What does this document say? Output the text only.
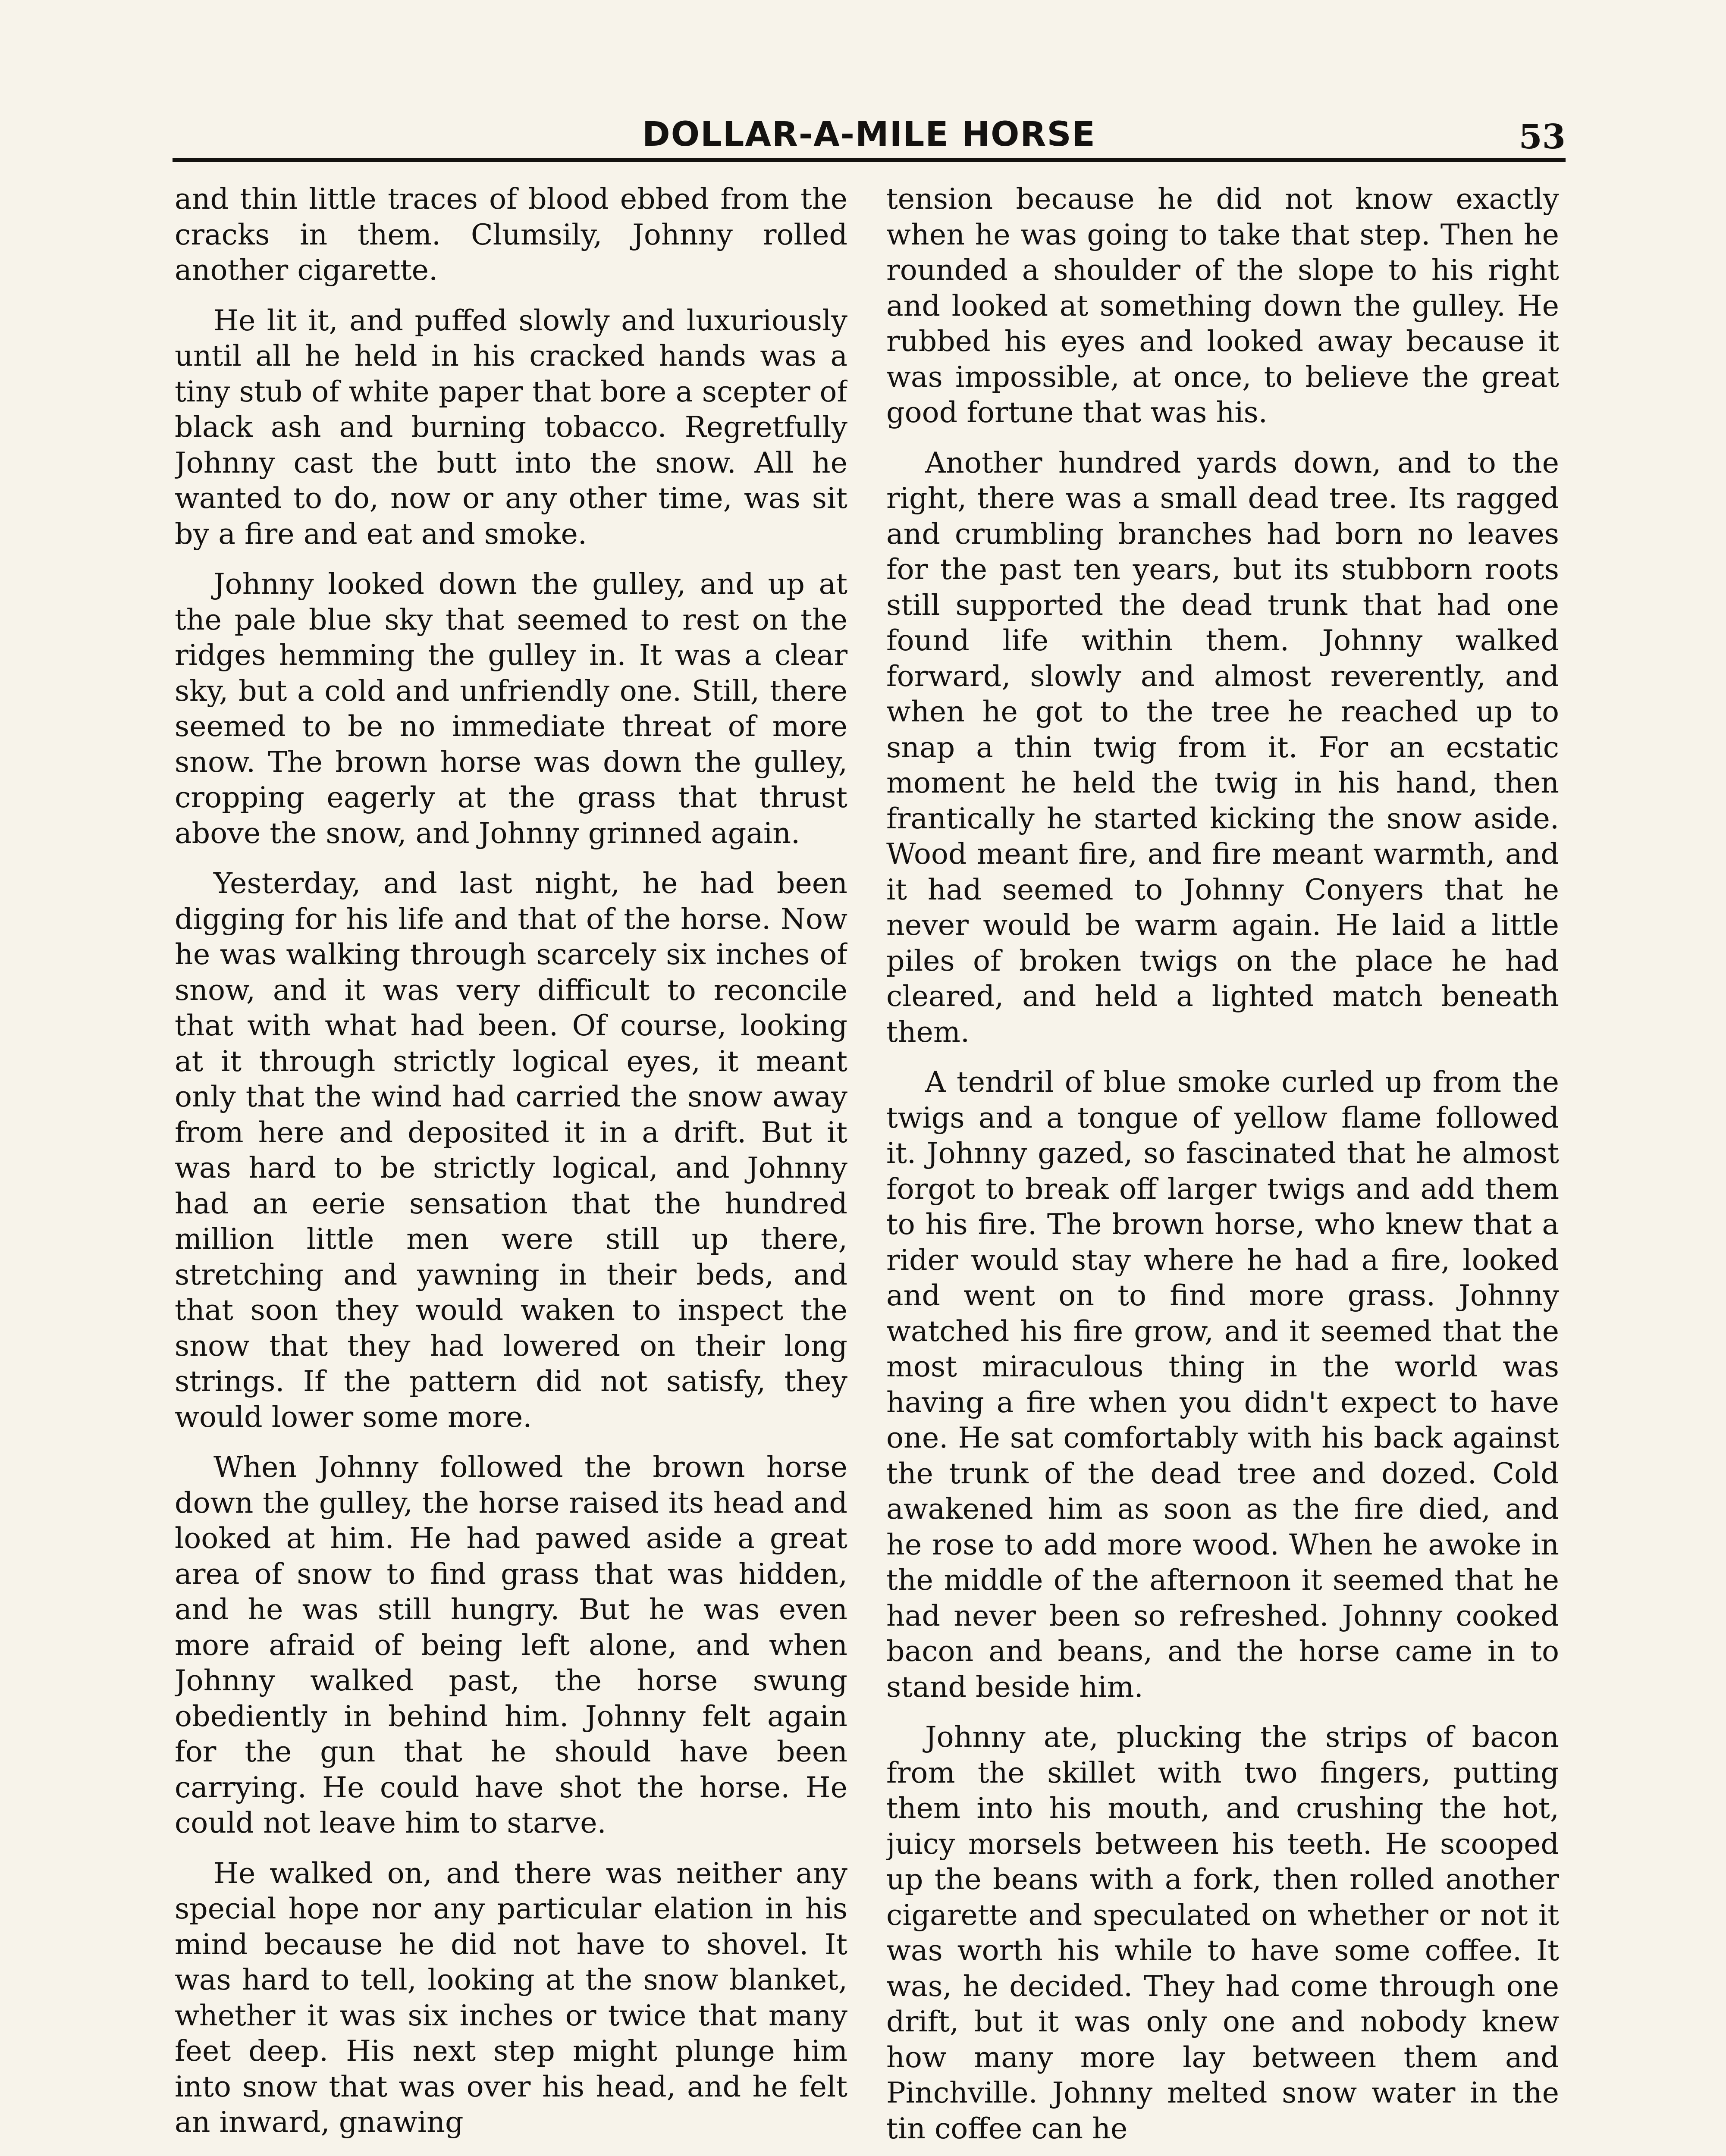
DOLLAR-A-MILE HORSE	53

and thin little traces of blood ebbed from the cracks in them. Clumsily, Johnny rolled another cigarette.

He lit it, and puffed slowly and luxuriously until all he held in his cracked hands was a tiny stub of white paper that bore a scepter of black ash and burning tobacco. Regretfully Johnny cast the butt into the snow. All he wanted to do, now or any other time, was sit by a fire and eat and smoke.

Johnny looked down the gulley, and up at the pale blue sky that seemed to rest on the ridges hemming the gulley in. It was a clear sky, but a cold and unfriendly one. Still, there seemed to be no immediate threat of more snow. The brown horse was down the gulley, cropping eagerly at the grass that thrust above the snow, and Johnny grinned again.

Yesterday, and last night, he had been digging for his life and that of the horse. Now he was walking through scarcely six inches of snow, and it was very difficult to reconcile that with what had been. Of course, looking at it through strictly logical eyes, it meant only that the wind had carried the snow away from here and deposited it in a drift. But it was hard to be strictly logical, and Johnny had an eerie sensation that the hundred million little men were still up there, stretching and yawning in their beds, and that soon they would waken to inspect the snow that they had lowered on their long strings. If the pattern did not satisfy, they would lower some more.

When Johnny followed the brown horse down the gulley, the horse raised its head and looked at him. He had pawed aside a great area of snow to find grass that was hidden, and he was still hungry. But he was even more afraid of being left alone, and when Johnny walked past, the horse swung obediently in behind him. Johnny felt again for the gun that he should have been carrying. He could have shot the horse. He could not leave him to starve.

He walked on, and there was neither any special hope nor any particular elation in his mind because he did not have to shovel. It was hard to tell, looking at the snow blanket, whether it was six inches or twice that many feet deep. His next step might plunge him into snow that was over his head, and he felt an inward, gnawing

tension because he did not know exactly when he was going to take that step. Then he rounded a shoulder of the slope to his right and looked at something down the gulley. He rubbed his eyes and looked away because it was impossible, at once, to believe the great good fortune that was his.

Another hundred yards down, and to the right, there was a small dead tree. Its ragged and crumbling branches had born no leaves for the past ten years, but its stubborn roots still supported the dead trunk that had one found life within them. Johnny walked forward, slowly and almost reverently, and when he got to the tree he reached up to snap a thin twig from it. For an ecstatic moment he held the twig in his hand, then frantically he started kicking the snow aside. Wood meant fire, and fire meant warmth, and it had seemed to Johnny Conyers that he never would be warm again. He laid a little piles of broken twigs on the place he had cleared, and held a lighted match beneath them.

A tendril of blue smoke curled up from the twigs and a tongue of yellow flame followed it. Johnny gazed, so fascinated that he almost forgot to break off larger twigs and add them to his fire. The brown horse, who knew that a rider would stay where he had a fire, looked and went on to find more grass. Johnny watched his fire grow, and it seemed that the most miraculous thing in the world was having a fire when you didn't expect to have one. He sat comfortably with his back against the trunk of the dead tree and dozed. Cold awakened him as soon as the fire died, and he rose to add more wood. When he awoke in the middle of the afternoon it seemed that he had never been so refreshed. Johnny cooked bacon and beans, and the horse came in to stand beside him.

Johnny ate, plucking the strips of bacon from the skillet with two fingers, putting them into his mouth, and crushing the hot, juicy morsels between his teeth. He scooped up the beans with a fork, then rolled another cigarette and speculated on whether or not it was worth his while to have some coffee. It was, he decided. They had come through one drift, but it was only one and nobody knew how many more lay between them and Pinchville. Johnny melted snow water in the tin coffee can he
